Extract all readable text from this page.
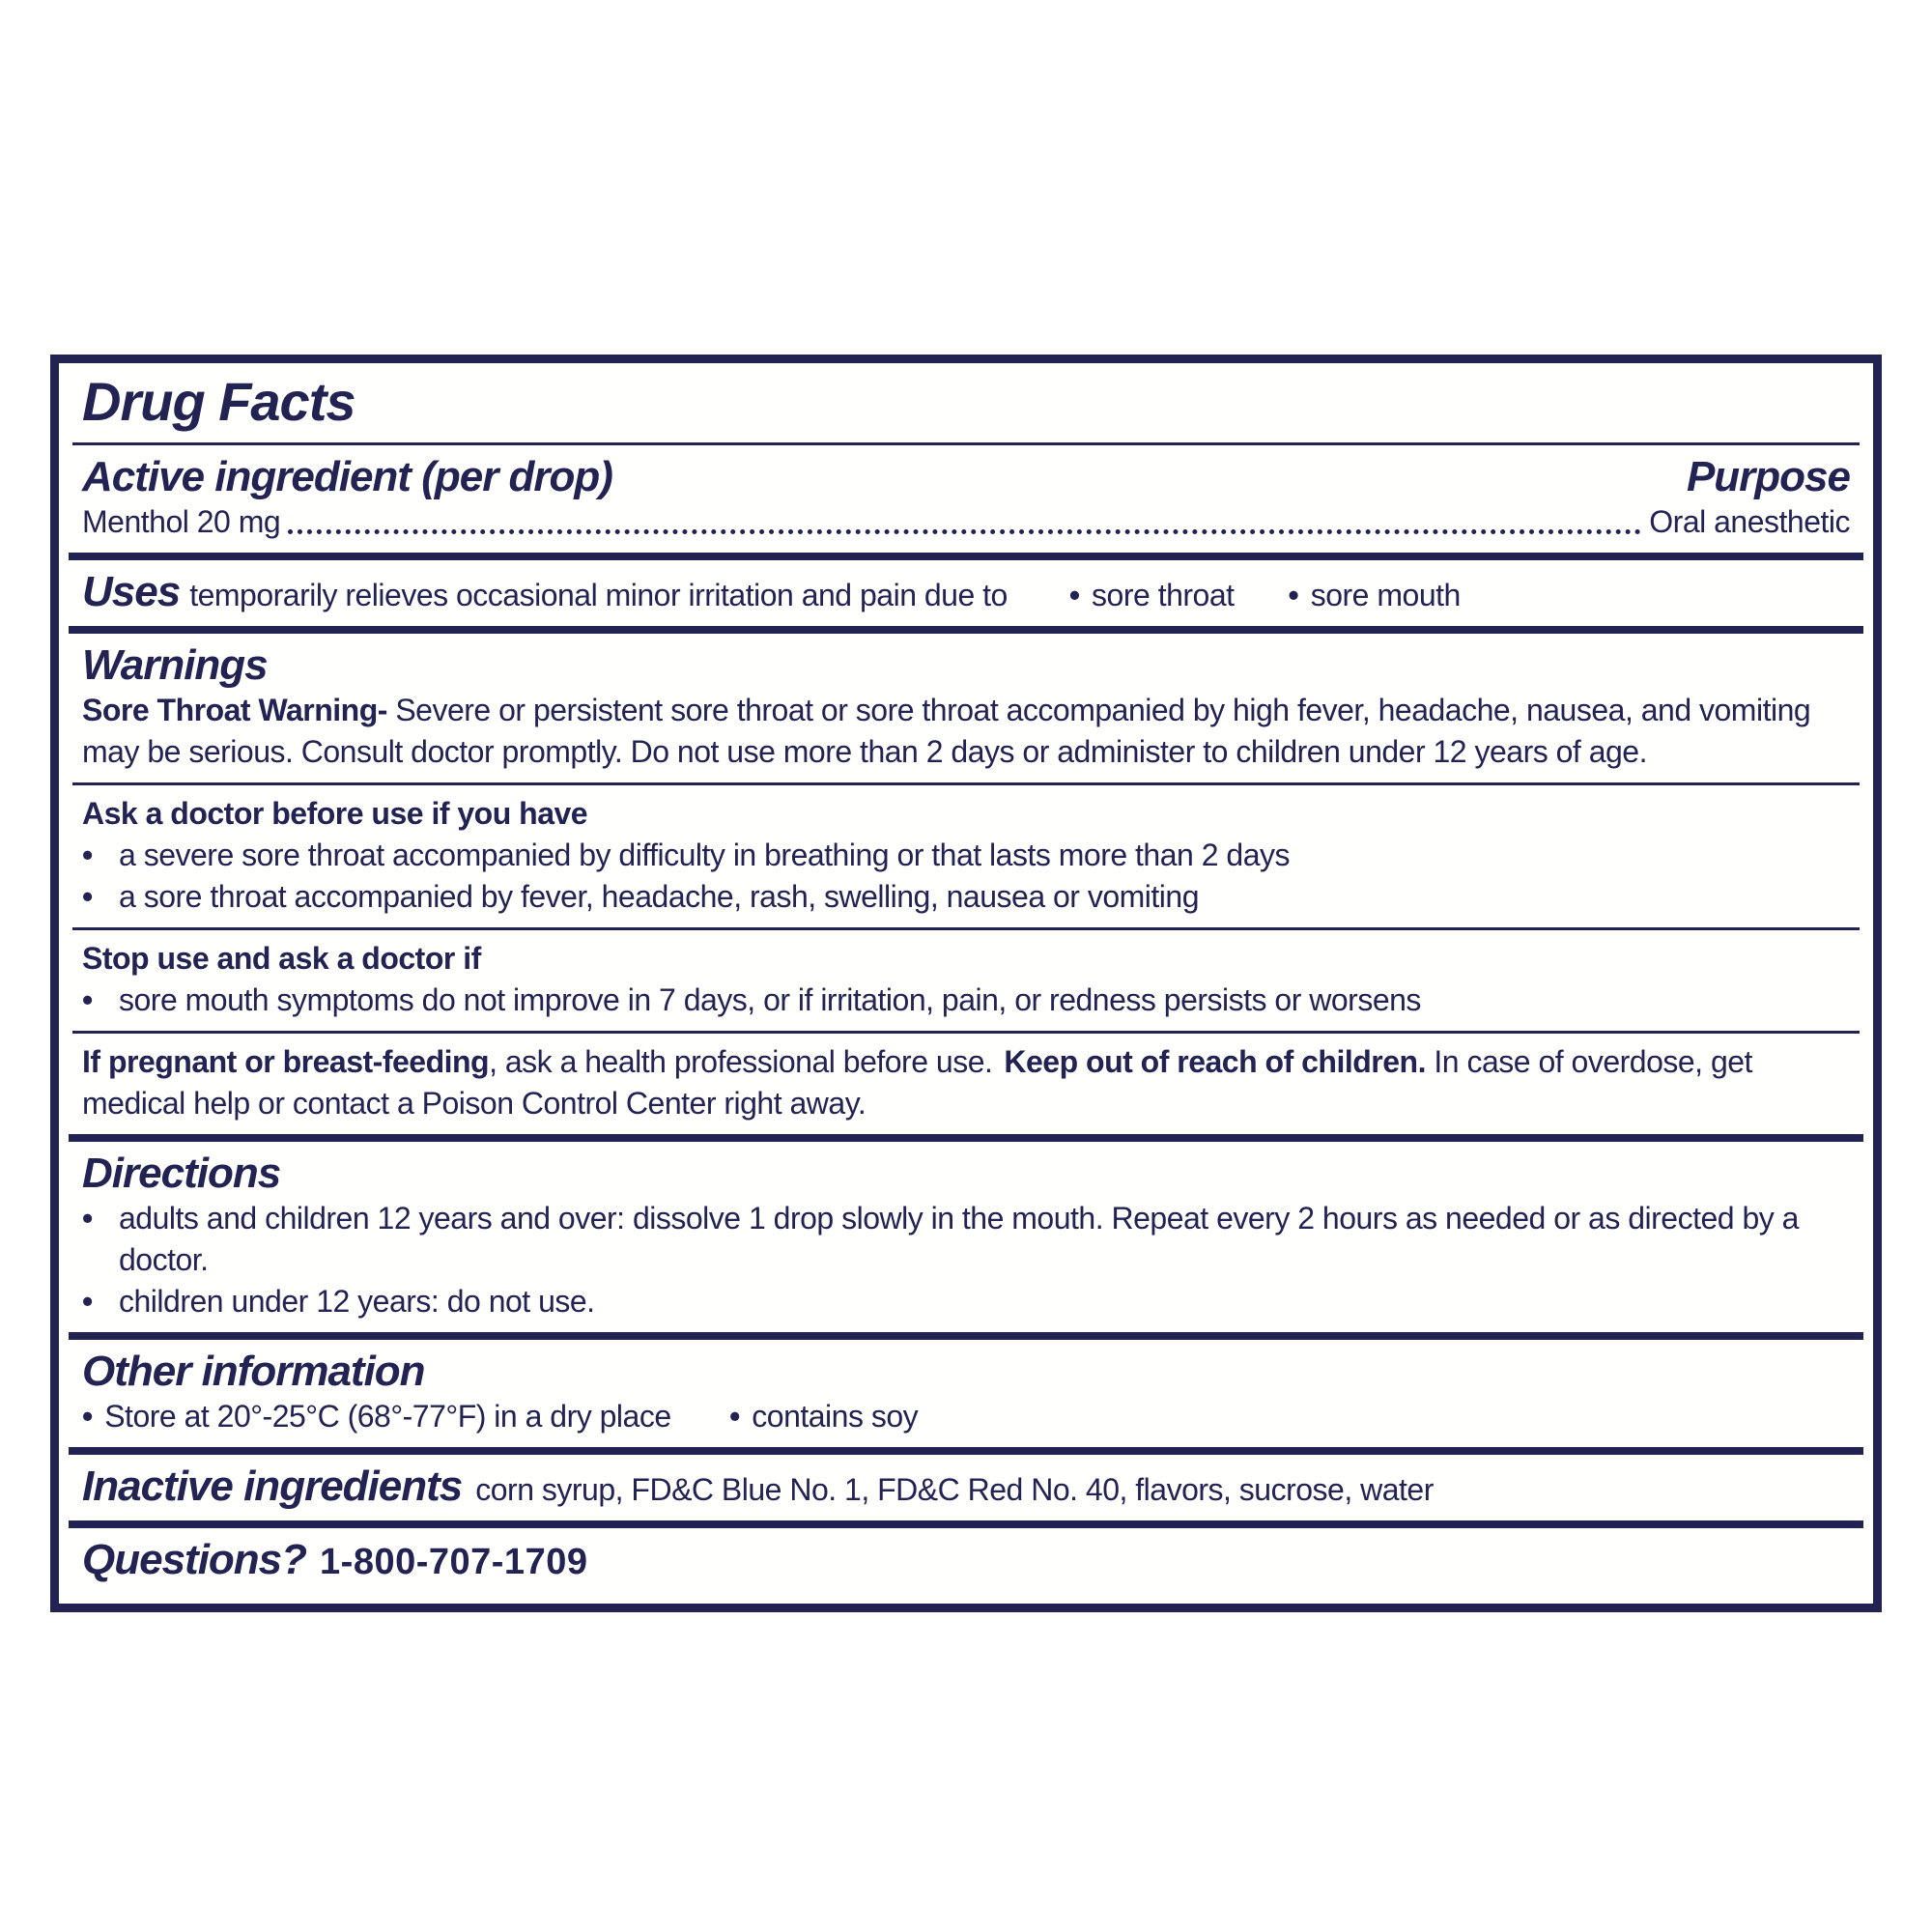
Drug Facts
Active ingredient (per drop)	Purpose
Menthol 20 mg	Oral anesthetic
Uses temporarily relieves occasional minor irritation and pain due to • sore throat • sore mouth
Warnings
Sore Throat Warning- Severe or persistent sore throat or sore throat accompanied by high fever, headache, nausea, and vomiting may be serious. Consult doctor promptly. Do not use more than 2 days or administer to children under 12 years of age.
Ask a doctor before use if you have
• a severe sore throat accompanied by difficulty in breathing or that lasts more than 2 days
• a sore throat accompanied by fever, headache, rash, swelling, nausea or vomiting
Stop use and ask a doctor if
• sore mouth symptoms do not improve in 7 days, or if irritation, pain, or redness persists or worsens
If pregnant or breast-feeding, ask a health professional before use. Keep out of reach of children. In case of overdose, get medical help or contact a Poison Control Center right away.
Directions
• adults and children 12 years and over: dissolve 1 drop slowly in the mouth. Repeat every 2 hours as needed or as directed by a doctor.
• children under 12 years: do not use.
Other information
• Store at 20°-25°C (68°-77°F) in a dry place
• contains soy
Inactive ingredients corn syrup, FD&C Blue No. 1, FD&C Red No. 40, flavors, sucrose, water
Questions? 1-800-707-1709
